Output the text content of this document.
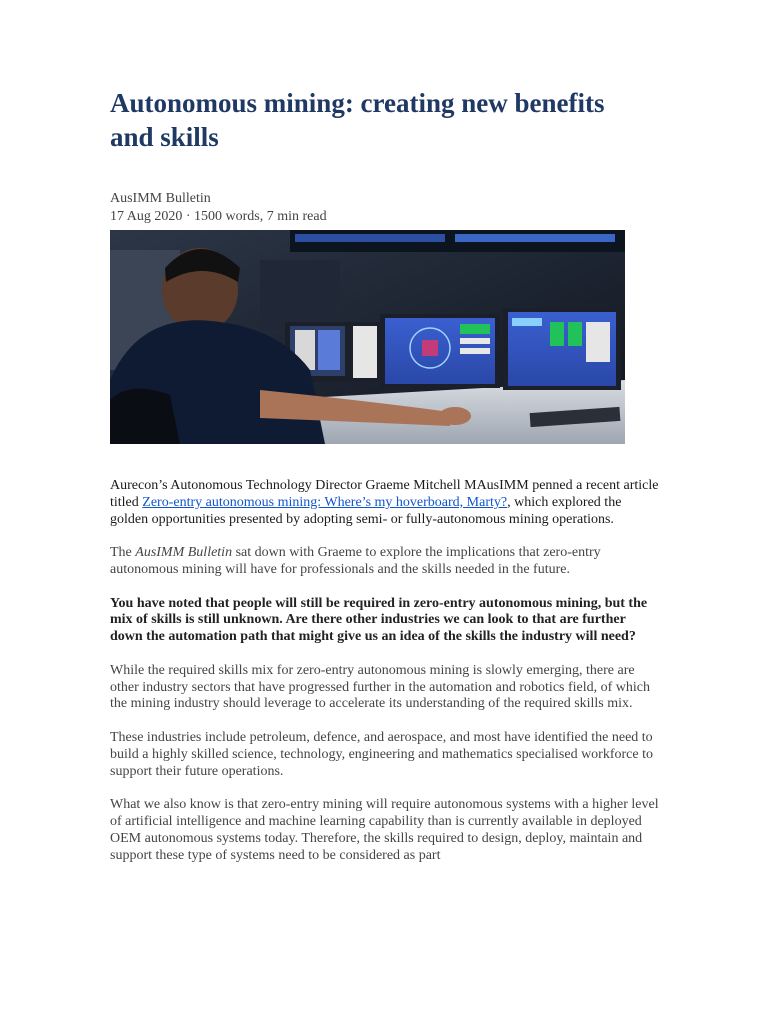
Autonomous mining: creating new benefits and skills
AusIMM Bulletin
17 Aug 2020 · 1500 words, 7 min read

Aurecon’s Autonomous Technology Director Graeme Mitchell MAusIMM penned a recent article titled Zero-entry autonomous mining: Where’s my hoverboard, Marty?, which explored the golden opportunities presented by adopting semi- or fully-autonomous mining operations.

The AusIMM Bulletin sat down with Graeme to explore the implications that zero-entry autonomous mining will have for professionals and the skills needed in the future.

You have noted that people will still be required in zero-entry autonomous mining, but the mix of skills is still unknown. Are there other industries we can look to that are further down the automation path that might give us an idea of the skills the industry will need?

While the required skills mix for zero-entry autonomous mining is slowly emerging, there are other industry sectors that have progressed further in the automation and robotics field, of which the mining industry should leverage to accelerate its understanding of the required skills mix.

These industries include petroleum, defence, and aerospace, and most have identified the need to build a highly skilled science, technology, engineering and mathematics specialised workforce to support their future operations.

What we also know is that zero-entry mining will require autonomous systems with a higher level of artificial intelligence and machine learning capability than is currently available in deployed OEM autonomous systems today. Therefore, the skills required to design, deploy, maintain and support these type of systems need to be considered as part
